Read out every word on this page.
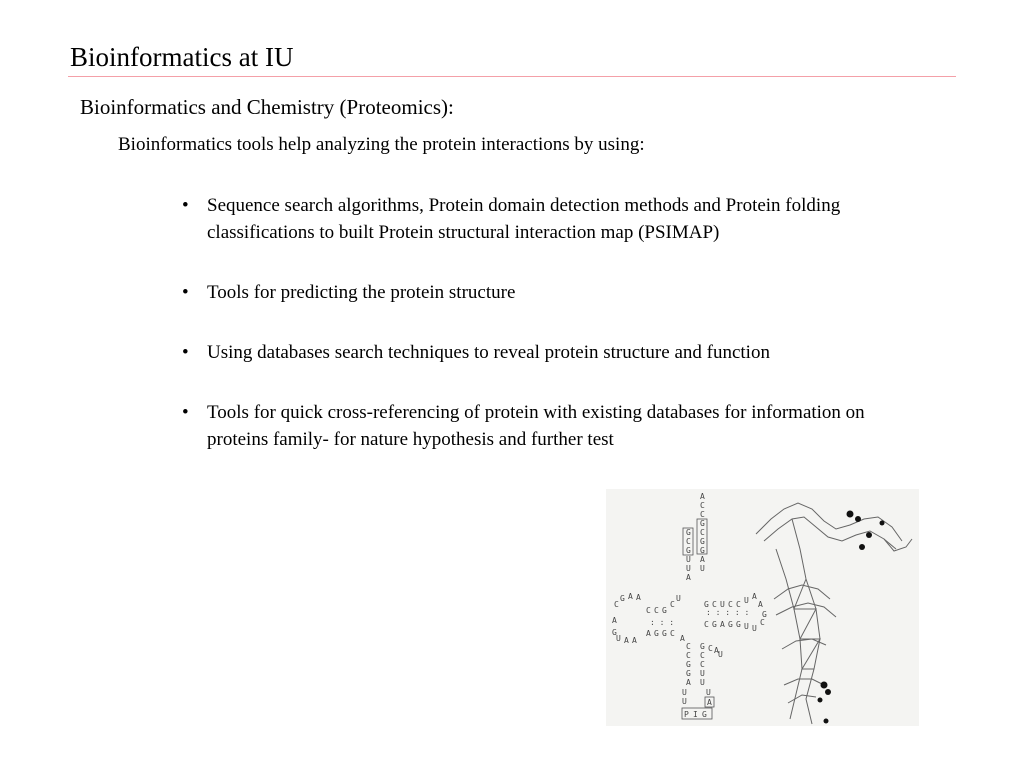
Bioinformatics at IU
Bioinformatics and Chemistry (Proteomics):
Bioinformatics tools help analyzing the protein interactions by using:
• Sequence search algorithms, Protein domain detection methods and Protein folding classifications to built Protein structural interaction map (PSIMAP)
• Tools for predicting the protein structure
• Using databases search techniques to reveal protein structure and function
• Tools for quick cross-referencing of protein with existing databases for information on proteins family- for nature hypothesis and further test
A
C
C
G
C
G
G
A
U
G
C
G
U
U
A
C
G A A
C C G
C
U
A
G
U A A
A G G C
A
: : :
G C U C C U A
A
: : : : :
C G A G G U U
C
G
C
C
G
G
A
G
C
C
U
U
C A U
U
U
U
A
P I G
